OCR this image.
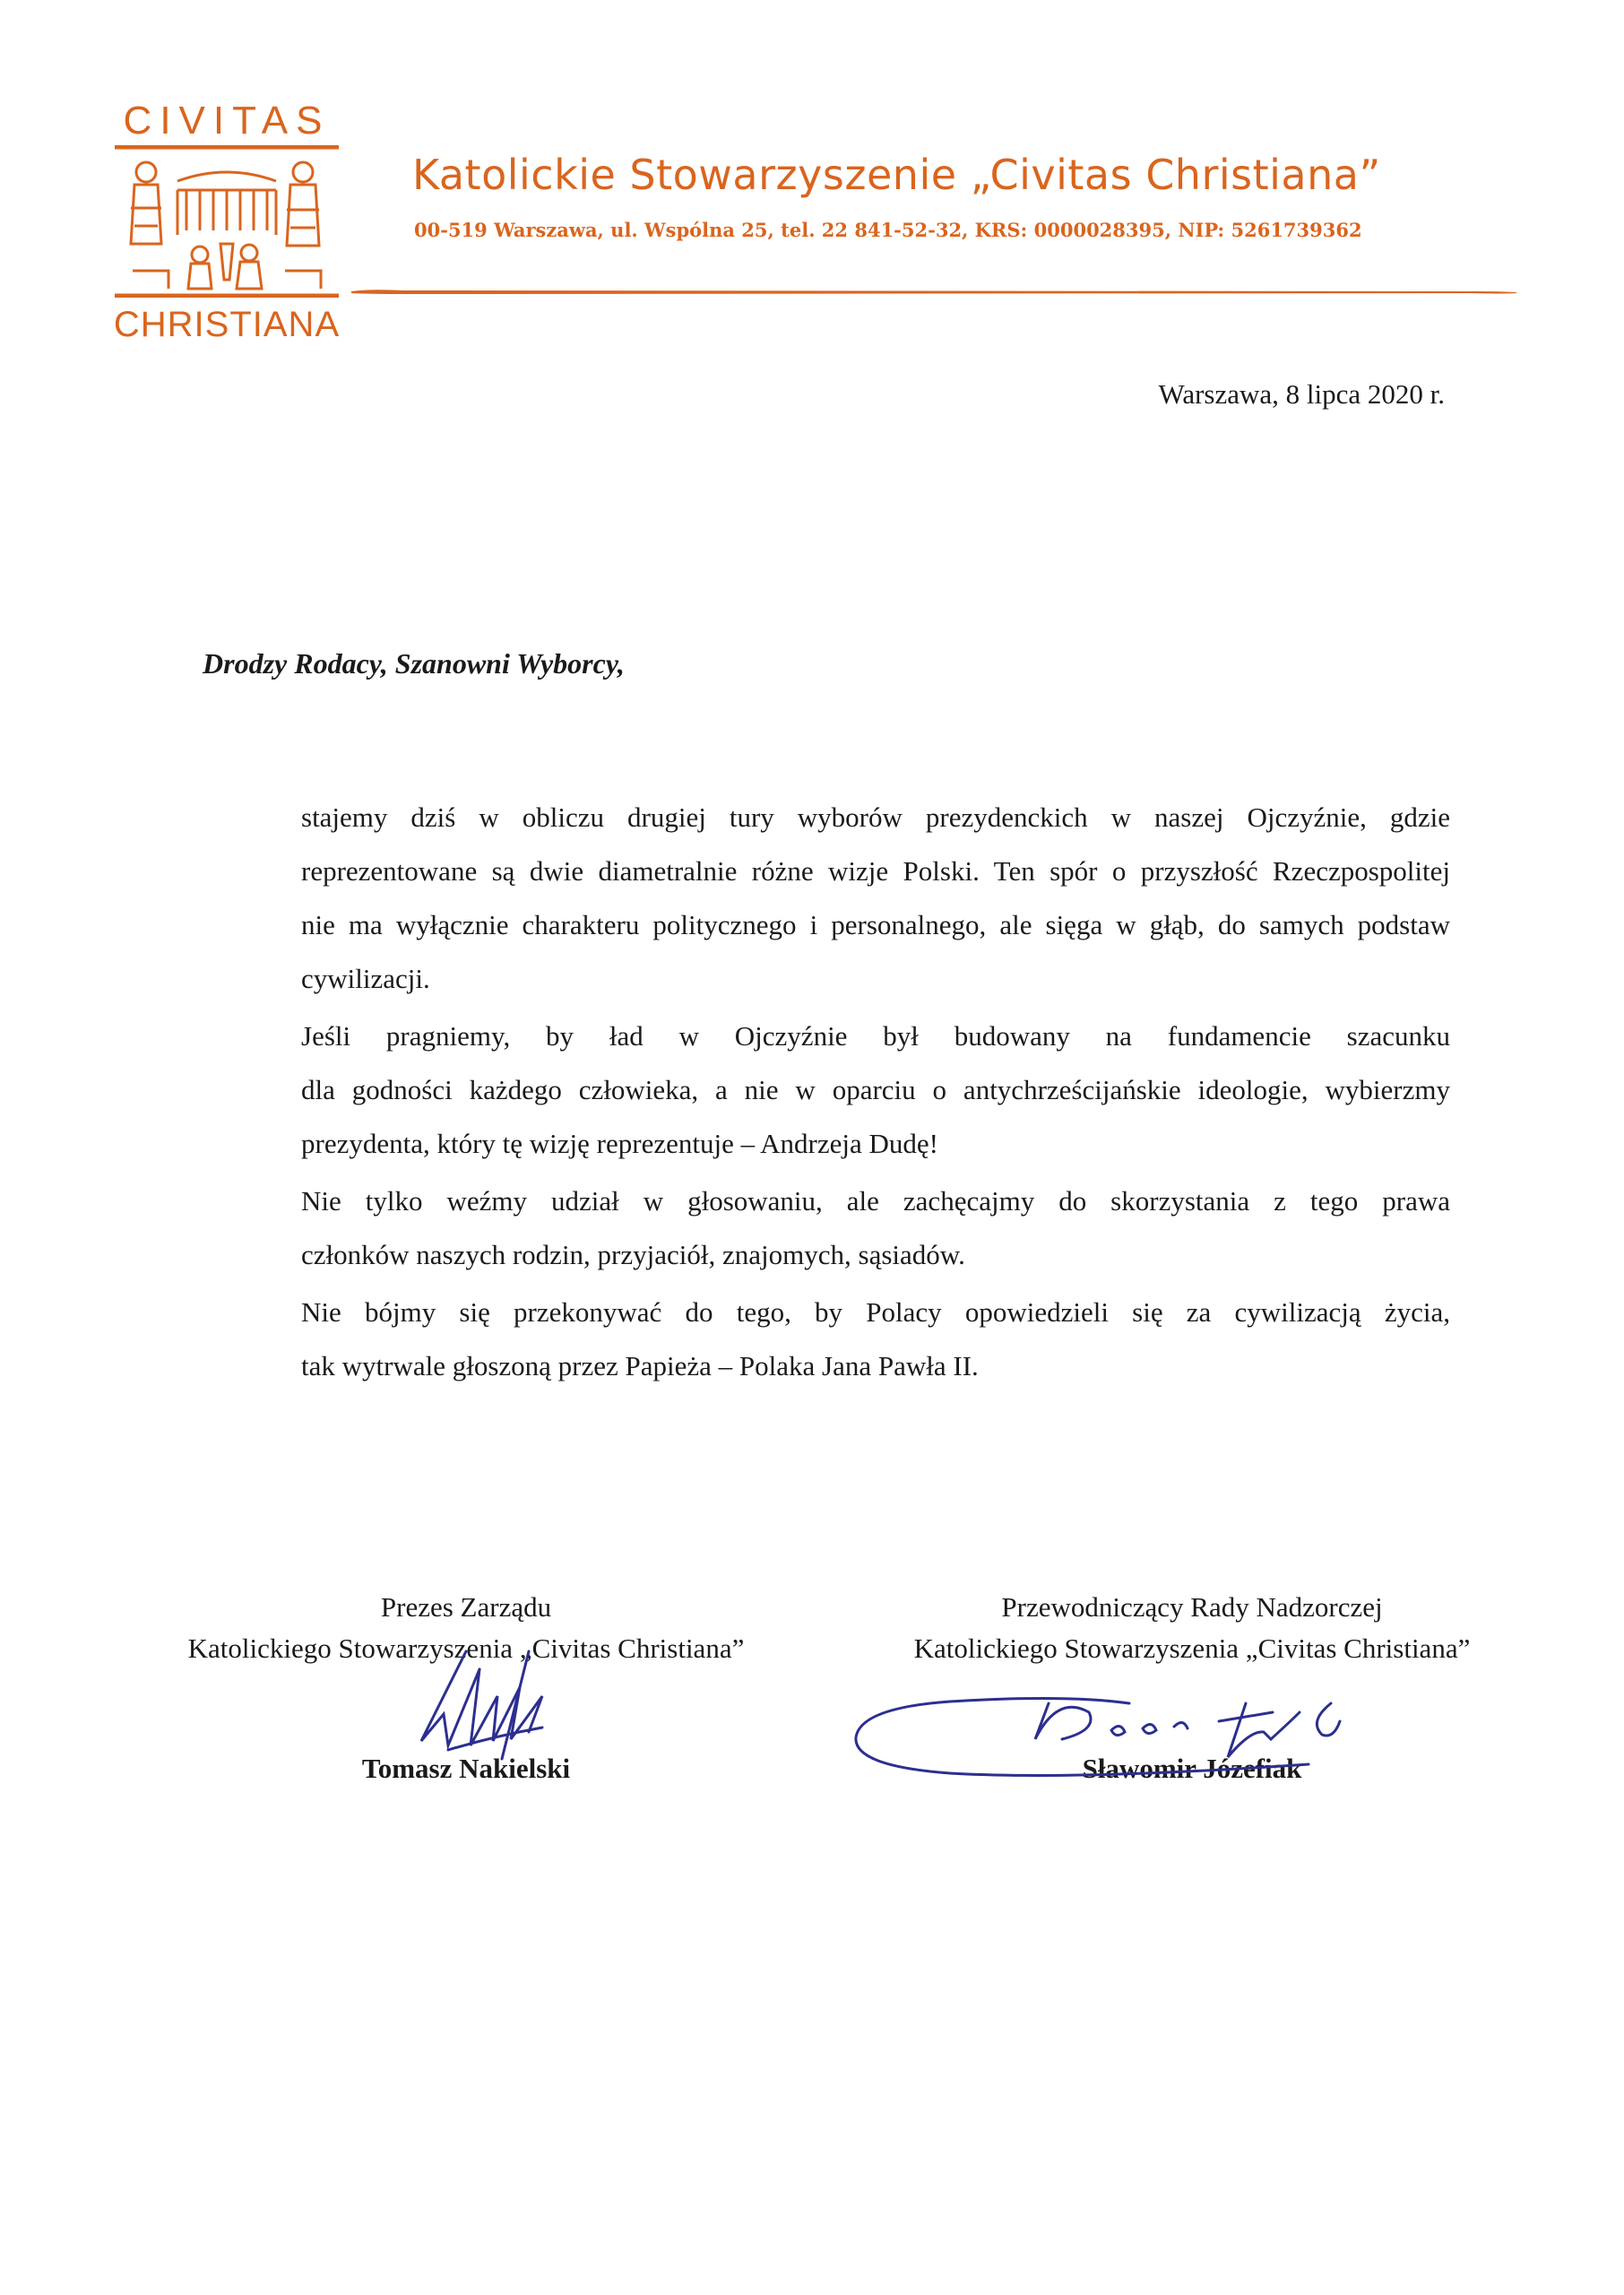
CIVITAS
CHRISTIANA
Katolickie Stowarzyszenie „Civitas Christiana”
00-519 Warszawa, ul. Wspólna 25, tel. 22 841-52-32, KRS: 0000028395, NIP: 5261739362
Warszawa, 8 lipca 2020 r.
Drodzy Rodacy, Szanowni Wyborcy,

stajemy dziś w obliczu drugiej tury wyborów prezydenckich w naszej Ojczyźnie, gdzie
reprezentowane są dwie diametralnie różne wizje Polski. Ten spór o przyszłość Rzeczpospolitej
nie ma wyłącznie charakteru politycznego i personalnego, ale sięga w głąb, do samych podstaw
cywilizacji.

Jeśli pragniemy, by ład w Ojczyźnie był budowany na fundamencie szacunku
dla godności każdego człowieka, a nie w oparciu o antychrześcijańskie ideologie, wybierzmy
prezydenta, który tę wizję reprezentuje – Andrzeja Dudę!

Nie tylko weźmy udział w głosowaniu, ale zachęcajmy do skorzystania z tego prawa
członków naszych rodzin, przyjaciół, znajomych, sąsiadów.

Nie bójmy się przekonywać do tego, by Polacy opowiedzieli się za cywilizacją życia,
tak wytrwale głoszoną przez Papieża – Polaka Jana Pawła II.

Prezes Zarządu
Katolickiego Stowarzyszenia „Civitas Christiana”
Tomasz Nakielski
Przewodniczący Rady Nadzorczej
Katolickiego Stowarzyszenia „Civitas Christiana”
Sławomir Józefiak
